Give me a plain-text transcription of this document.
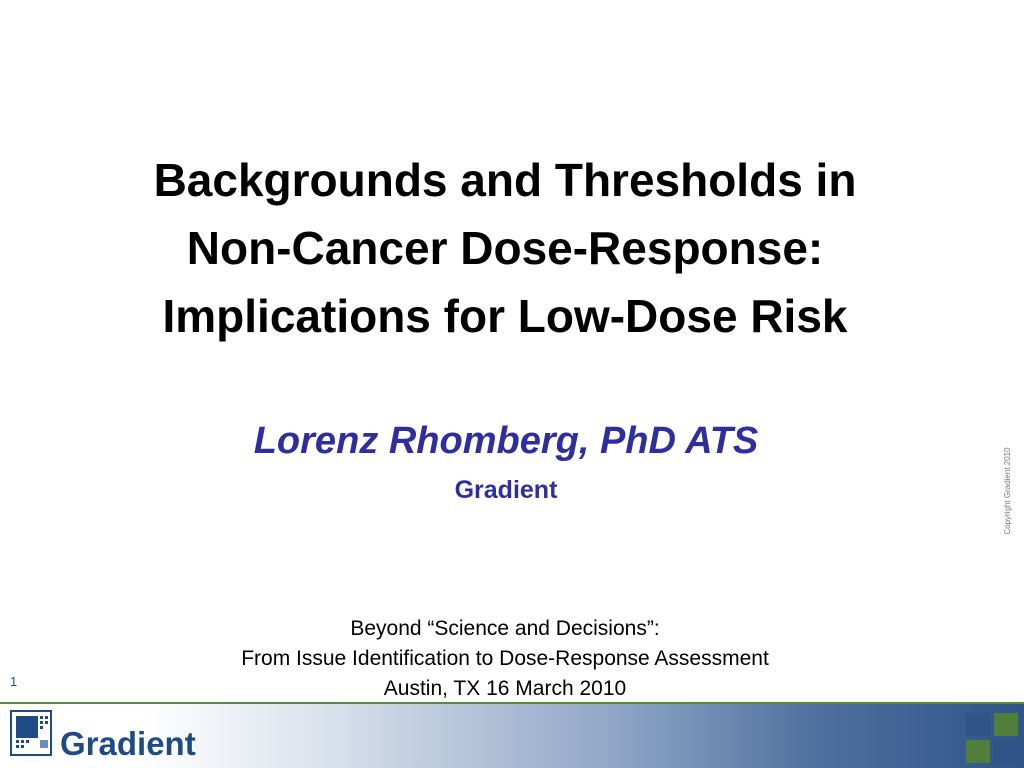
Backgrounds and Thresholds in
Non-Cancer Dose-Response:
Implications for Low-Dose Risk
Lorenz Rhomberg, PhD ATS
Gradient
Beyond “Science and Decisions”:
From Issue Identification to Dose-Response Assessment
Austin, TX 16 March 2010
Copyright Gradient 2010
1
Gradient
